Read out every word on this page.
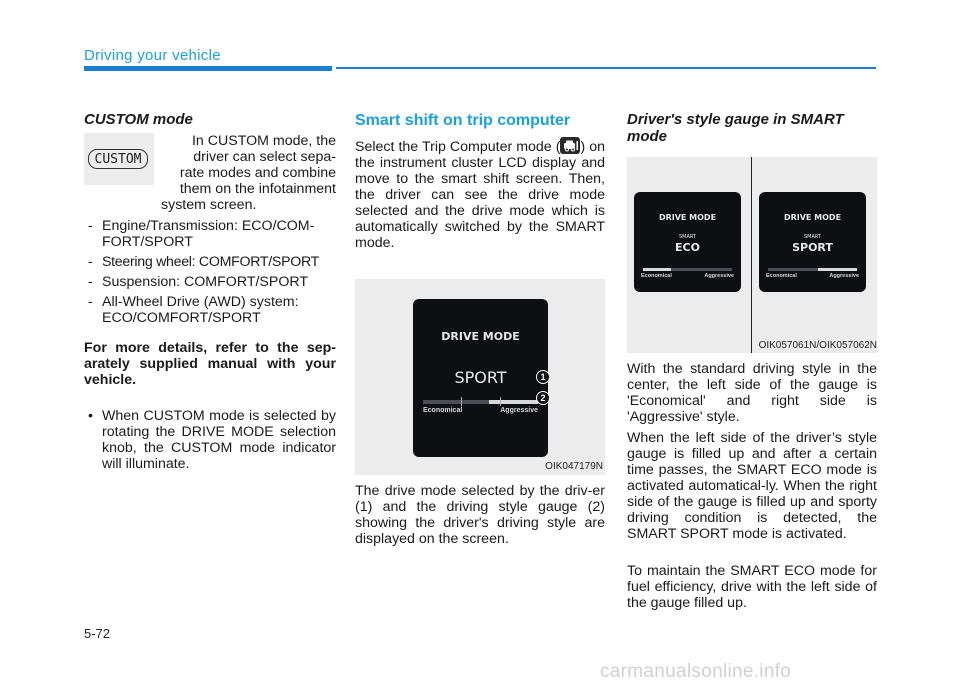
Driving your vehicle
CUSTOM mode
CUSTOM
In CUSTOM mode, the
driver can select sepa-
rate modes and combine
them on the infotainment
system screen.
- Engine/Transmission: ECO/COM-
FORT/SPORT
- Steering wheel: COMFORT/SPORT
- Suspension: COMFORT/SPORT
- All-Wheel Drive (AWD) system:
ECO/COMFORT/SPORT
For more details, refer to the sep-arately supplied manual with your vehicle.
• When CUSTOM mode is selected by rotating the DRIVE MODE selection knob, the CUSTOM mode indicator will illuminate.
Smart shift on trip computer
Select the Trip Computer mode ( ) on the instrument cluster LCD display and move to the smart shift screen. Then, the driver can see the drive mode selected and the drive mode which is automatically switched by the SMART mode.
DRIVE MODE
SPORT
Economical	Aggressive
1
2
OIK047179N
The drive mode selected by the driv-er (1) and the driving style gauge (2) showing the driver's driving style are displayed on the screen.
Driver's style gauge in SMART mode
DRIVE MODE
SMART
ECO
Economical	Aggressive
DRIVE MODE
SMART
SPORT
Economical	Aggressive
OIK057061N/OIK057062N
With the standard driving style in the center, the left side of the gauge is 'Economical' and right side is 'Aggressive' style.
When the left side of the driver’s style gauge is filled up and after a certain time passes, the SMART ECO mode is activated automatical-ly. When the right side of the gauge is filled up and sporty driving condition is detected, the SMART SPORT mode is activated.
To maintain the SMART ECO mode for fuel efficiency, drive with the left side of the gauge filled up.
5-72
carmanualsonline.info
